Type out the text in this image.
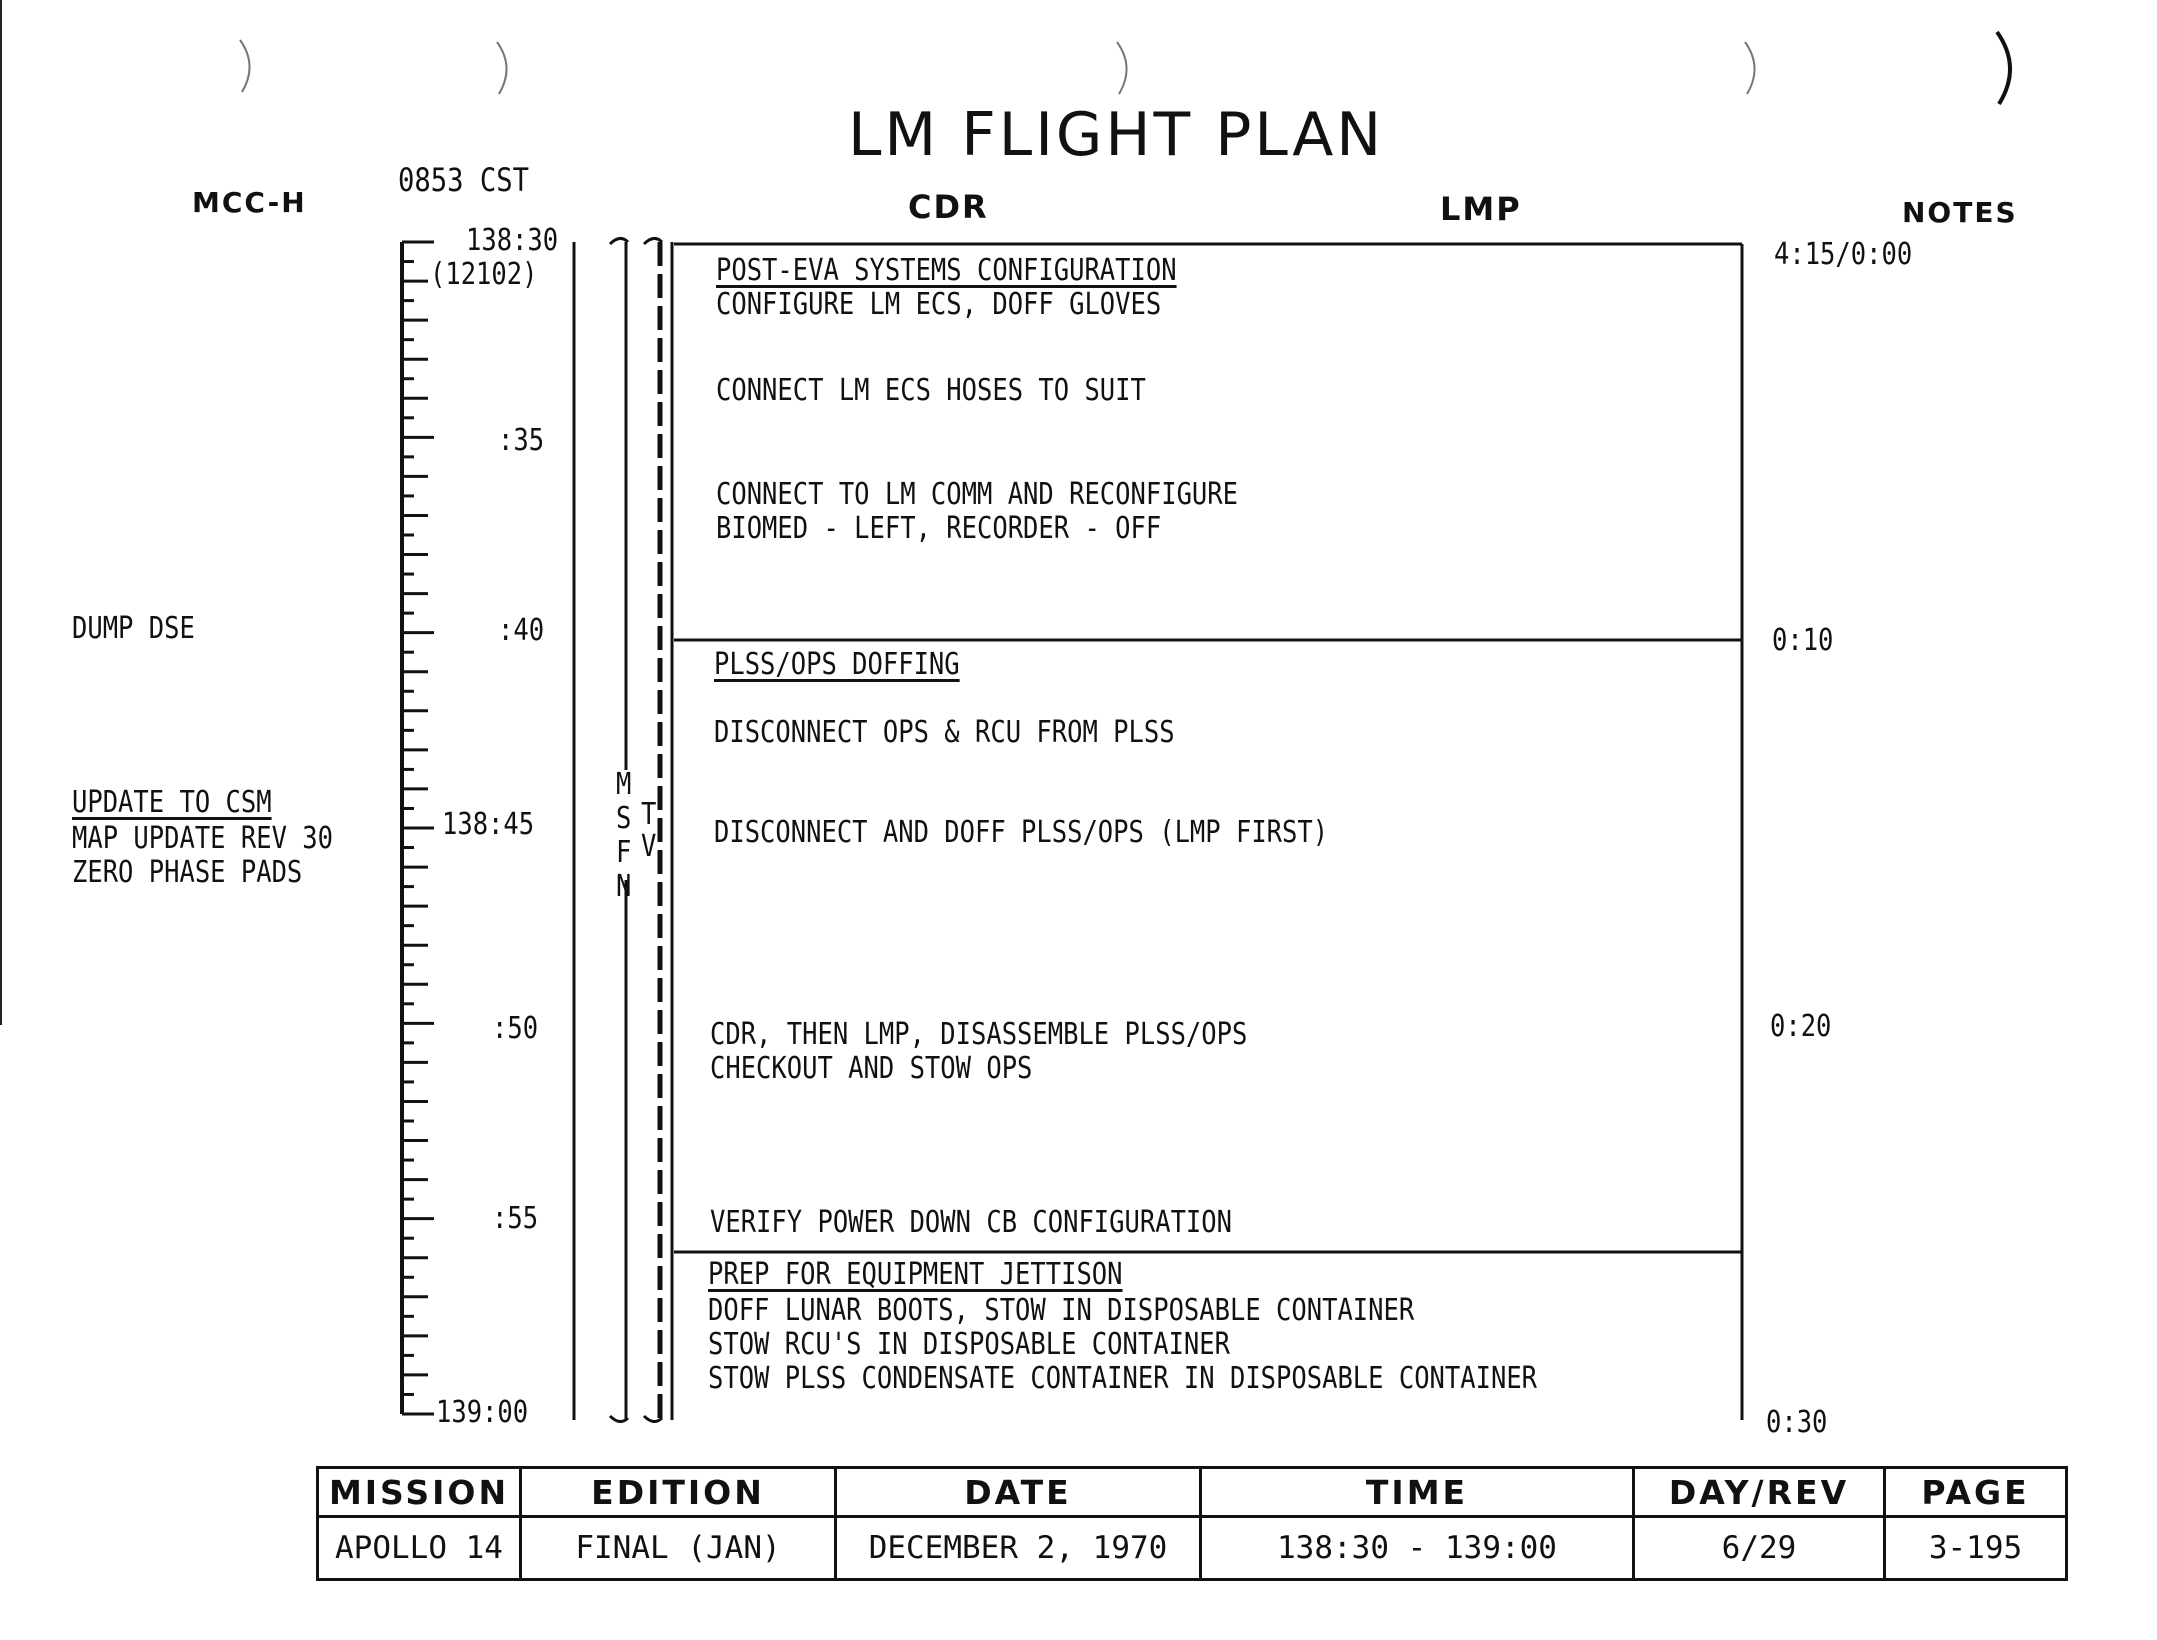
LM FLIGHT PLAN
MCC-H
0853 CST
CDR	LMP	NOTES
138:30
(12102)
:35
:40
138:45
:50
:55
139:00
M
S
F
N
T
V
DUMP DSE
UPDATE TO CSM
MAP UPDATE REV 30
ZERO PHASE PADS
POST-EVA SYSTEMS CONFIGURATION
CONFIGURE LM ECS, DOFF GLOVES
CONNECT LM ECS HOSES TO SUIT
CONNECT TO LM COMM AND RECONFIGURE
BIOMED - LEFT, RECORDER - OFF
PLSS/OPS DOFFING
DISCONNECT OPS & RCU FROM PLSS
DISCONNECT AND DOFF PLSS/OPS (LMP FIRST)
CDR, THEN LMP, DISASSEMBLE PLSS/OPS
CHECKOUT AND STOW OPS
VERIFY POWER DOWN CB CONFIGURATION
PREP FOR EQUIPMENT JETTISON
DOFF LUNAR BOOTS, STOW IN DISPOSABLE CONTAINER
STOW RCU'S IN DISPOSABLE CONTAINER
STOW PLSS CONDENSATE CONTAINER IN DISPOSABLE CONTAINER
4:15/0:00
0:10
0:20
0:30
MISSION	EDITION	DATE	TIME	DAY/REV	PAGE
APOLLO 14	FINAL (JAN)	DECEMBER 2, 1970	138:30 - 139:00	6/29	3-195
